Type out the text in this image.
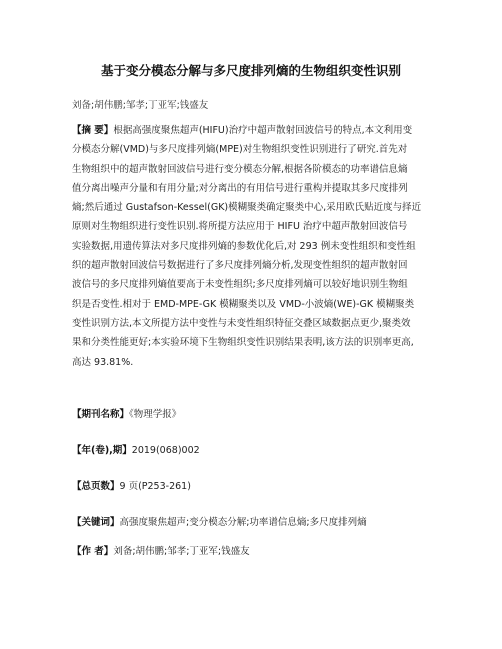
基于变分模态分解与多尺度排列熵的生物组织变性识别
刘备;胡伟鹏;邹孝;丁亚军;钱盛友
【摘 要】根据高强度聚焦超声(HIFU)治疗中超声散射回波信号的特点,本文利用变
分模态分解(VMD)与多尺度排列熵(MPE)对生物组织变性识别进行了研究.首先对
生物组织中的超声散射回波信号进行变分模态分解,根据各阶模态的功率谱信息熵
值分离出噪声分量和有用分量;对分离出的有用信号进行重构并提取其多尺度排列
熵;然后通过 Gustafson-Kessel(GK)模糊聚类确定聚类中心,采用欧氏贴近度与择近
原则对生物组织进行变性识别.将所提方法应用于 HIFU 治疗中超声散射回波信号
实验数据,用遗传算法对多尺度排列熵的参数优化后,对 293 例未变性组织和变性组
织的超声散射回波信号数据进行了多尺度排列熵分析,发现变性组织的超声散射回
波信号的多尺度排列熵值要高于未变性组织;多尺度排列熵可以较好地识别生物组
织是否变性.相对于 EMD-MPE-GK 模糊聚类以及 VMD-小波熵(WE)-GK 模糊聚类
变性识别方法,本文所提方法中变性与未变性组织特征交叠区域数据点更少,聚类效
果和分类性能更好;本实验环境下生物组织变性识别结果表明,该方法的识别率更高,
高达 93.81%.
【期刊名称】《物理学报》
【年(卷),期】2019(068)002
【总页数】9 页(P253-261)
【关键词】高强度聚焦超声;变分模态分解;功率谱信息熵;多尺度排列熵
【作 者】刘备;胡伟鹏;邹孝;丁亚军;钱盛友
